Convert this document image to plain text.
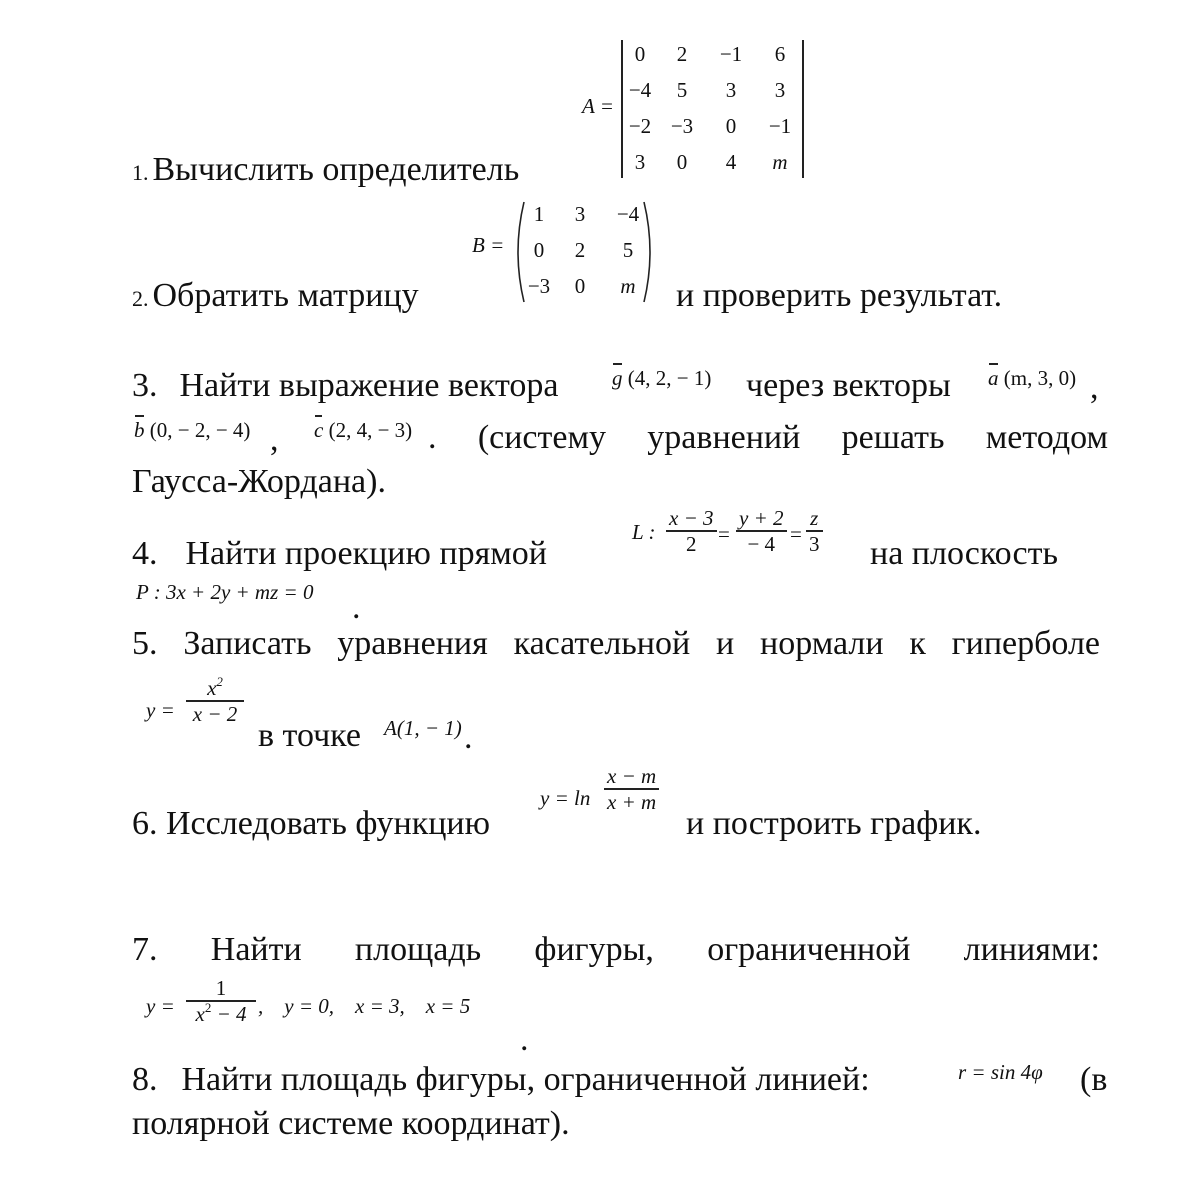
1. Вычислить определитель
A =
0	2	−1	6
−4	5	3	3
−2 −3	0	−1
3	0	4	m
2. Обратить матрицу
B =
1	3	−4
0	2	5
−3	0	m	и проверить результат.
3. Найти выражение вектора	g (4, 2, − 1) через векторы a (m, 3, 0) ,
b (0, − 2, − 4) , c (2, 4, − 3) . (систему уравнений решать методом
Гаусса-Жордана).
4. Найти проекцию прямой
L :
x − 3
2 =
y + 2
− 4 =
z
3 на плоскость
P : 3x + 2y + mz = 0 .
5. Записать уравнения касательной и нормали к гиперболе
y =
$x^2$
x − 2
в точке A(1, − 1) .
6. Исследовать функцию
y = ln
x − m
x + m
и построить график.
7. Найти площадь фигуры, ограниченной линиями:
y =
1
$x^2 - 4$ ,    y = 0,    x = 3,    x = 5
.
8. Найти площадь фигуры, ограниченной линией:	r = sin 4φ (в
полярной системе координат).
